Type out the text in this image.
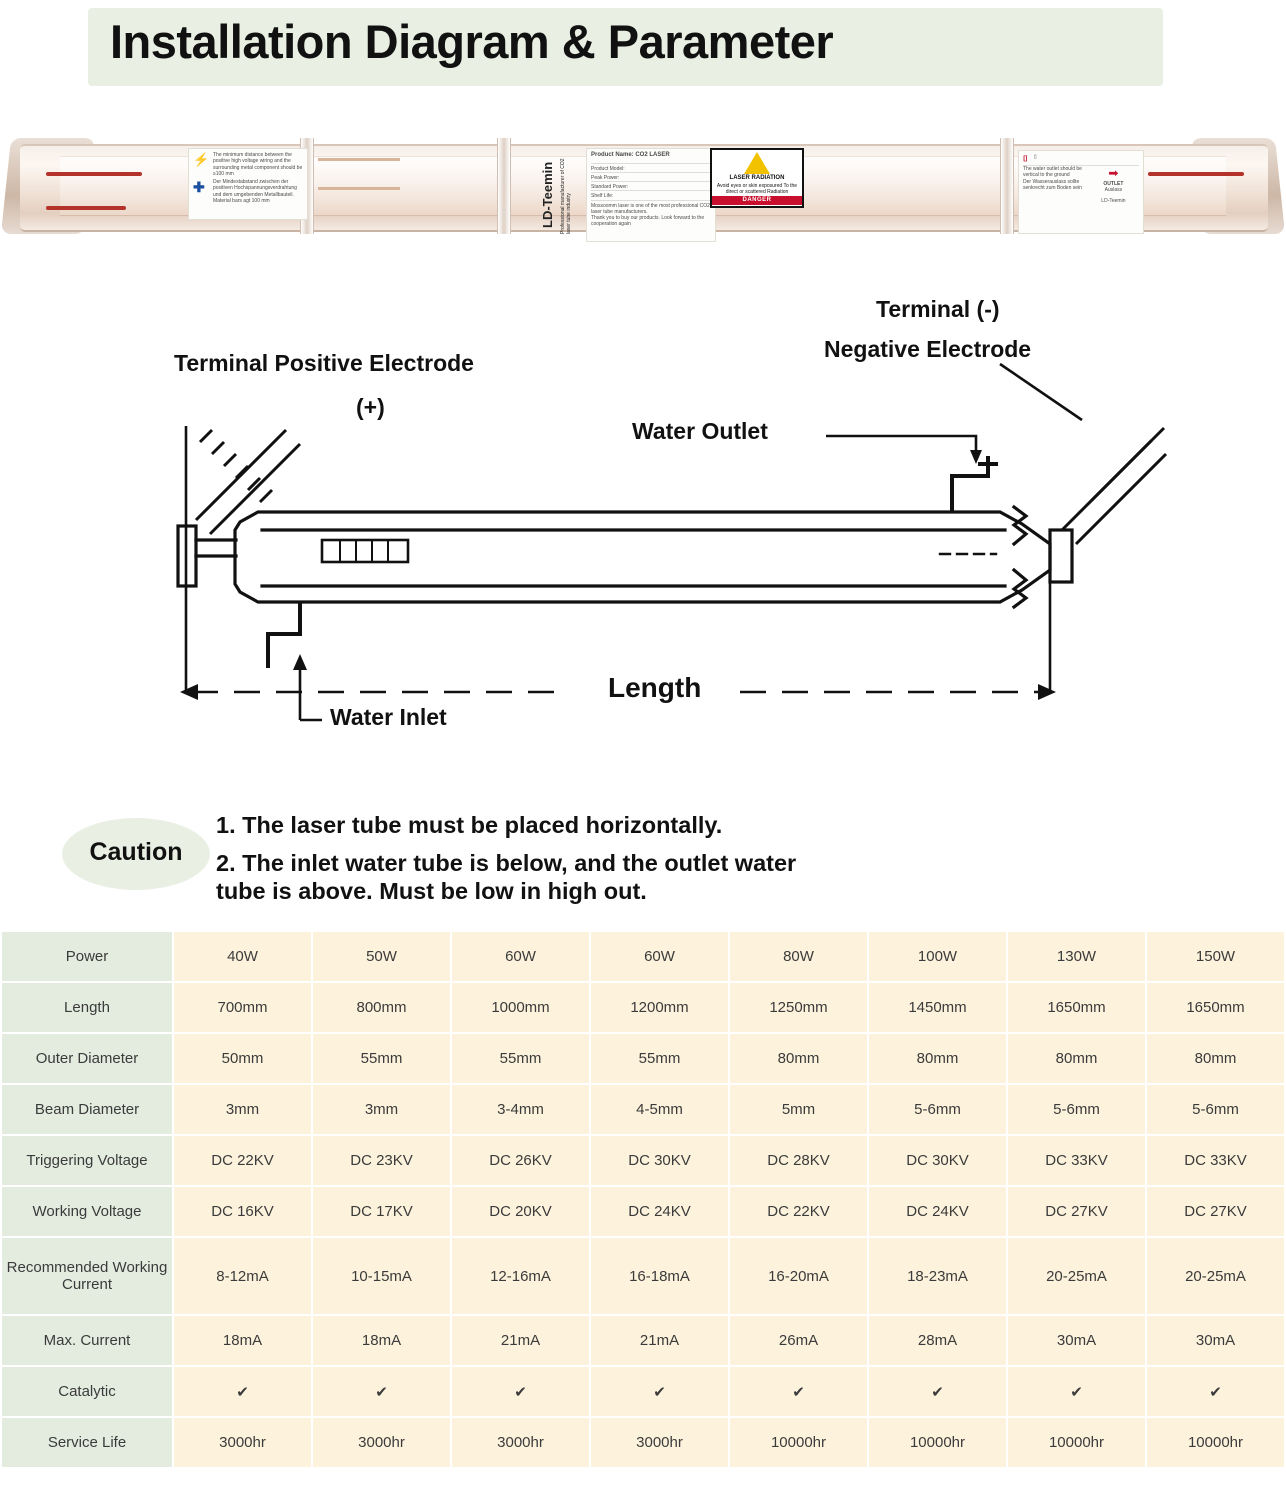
Installation Diagram & Parameter
⚡
✚
The minimum distance between the positive high voltage wiring and the surrounding metal component should be ≥100 mm
Der Mindestabstand zwischen der positiven Hochspannungsverdrahtung und dem umgebenden Metallbauteil. Material bars agt 100 mm	LD-Teemin Professional manufacturer of CO2 laser tube industry
Product Name: CO2 LASER
Product Model:
Peak Power:
Standard Power:
Shelf Life:
Mossoomm laser is one of the most professional CO2 laser tube manufacturers.
Thank you to buy our products. Look forward to the cooperation again
LASER RADIATION
Avoid eyes or skin exposured To the direct or scattered Radiation
DANGER
⌷ ▯
The water outlet should be vertical to the ground
Der Wasserauslass sollte senkrecht zum Boden sein
➡
OUTLET
Auslass
LD-Teemin
Terminal Positive Electrode
(+)
Terminal (-)
Negative Electrode
Water Outlet
Water Inlet
Length
Caution
1. The laser tube must be placed horizontally.
2. The inlet water tube is below, and the outlet water
tube is above. Must be low in high out.
Power	40W	50W	60W	60W	80W	100W	130W	150W
Length	700mm	800mm	1000mm	1200mm	1250mm	1450mm	1650mm	1650mm
Outer Diameter	50mm	55mm	55mm	55mm	80mm	80mm	80mm	80mm
Beam Diameter	3mm	3mm	3-4mm	4-5mm	5mm	5-6mm	5-6mm	5-6mm
Triggering Voltage	DC 22KV	DC 23KV	DC 26KV	DC 30KV	DC 28KV	DC 30KV	DC 33KV	DC 33KV
Working Voltage	DC 16KV	DC 17KV	DC 20KV	DC 24KV	DC 22KV	DC 24KV	DC 27KV	DC 27KV
Recommended Working Current	8-12mA	10-15mA	12-16mA	16-18mA	16-20mA	18-23mA	20-25mA	20-25mA
Max. Current	18mA	18mA	21mA	21mA	26mA	28mA	30mA	30mA
Catalytic	✔	✔	✔	✔	✔	✔	✔	✔
Service Life	3000hr	3000hr	3000hr	3000hr	10000hr	10000hr	10000hr	10000hr
